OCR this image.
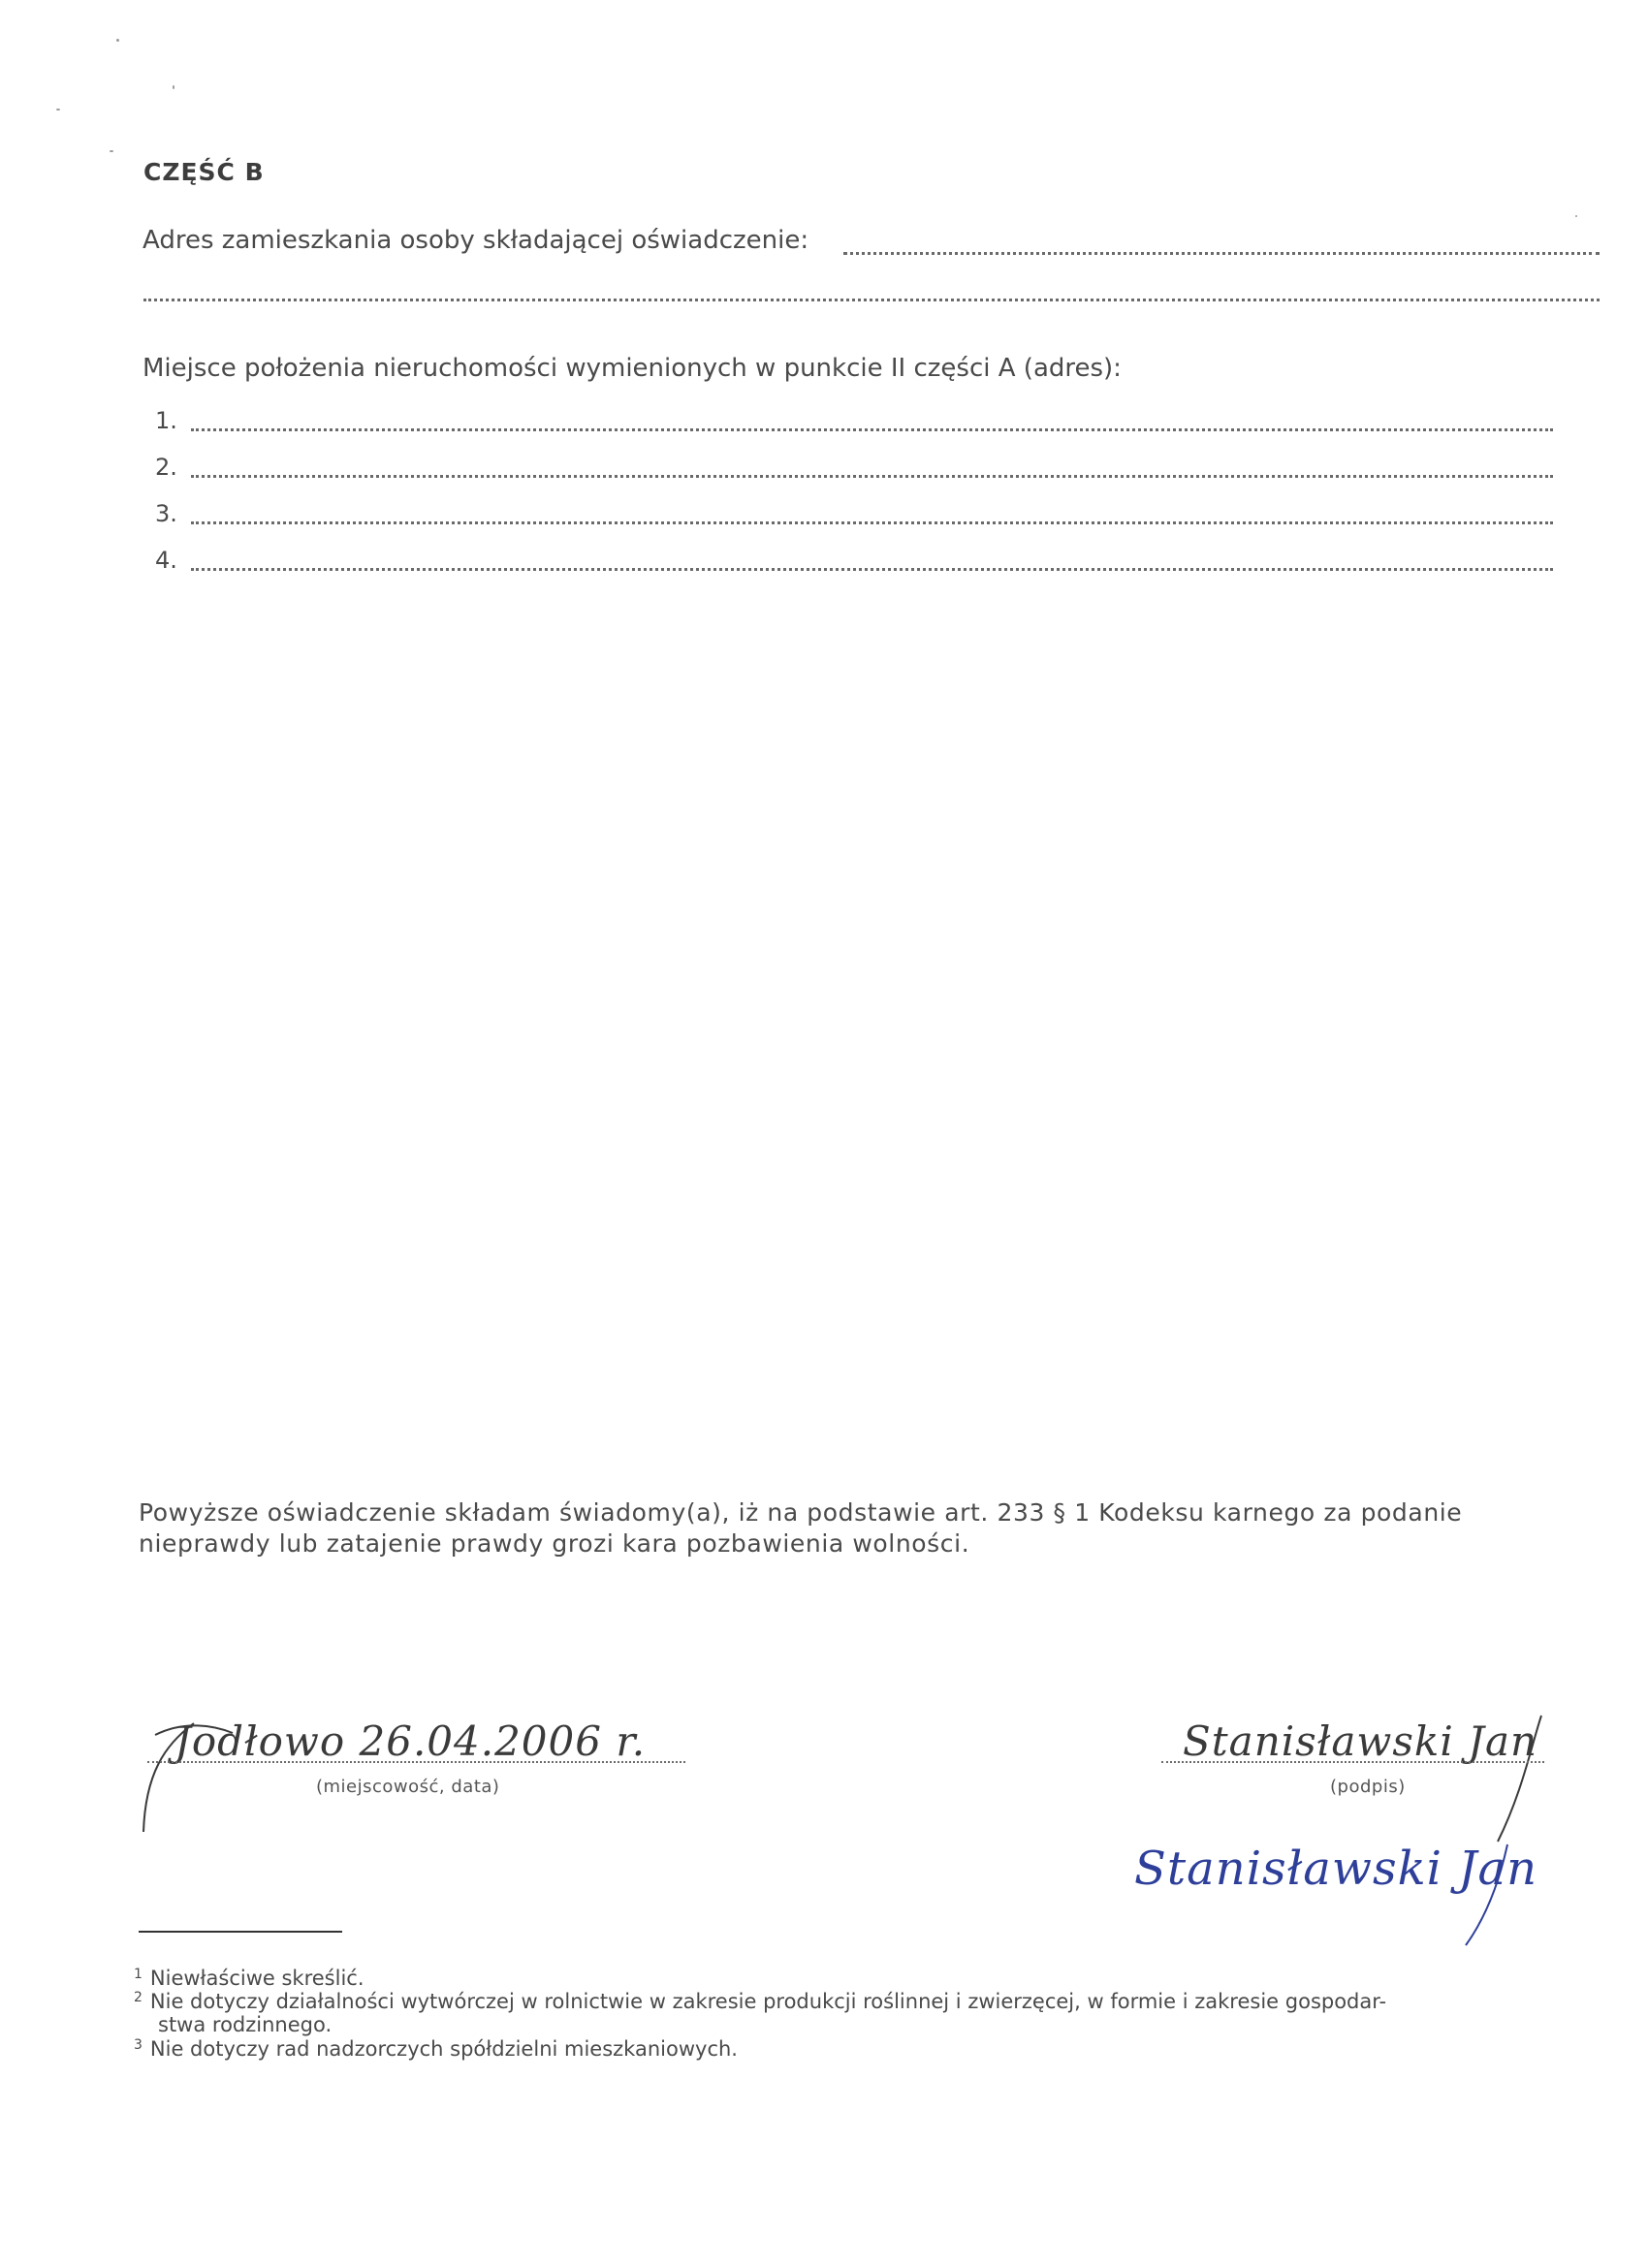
CZĘŚĆ B
Adres zamieszkania osoby składającej oświadczenie:
Miejsce położenia nieruchomości wymienionych w punkcie II części A (adres):
1.
2.
3.
4.
Powyższe oświadczenie składam świadomy(a), iż na podstawie art. 233 § 1 Kodeksu karnego za podanie nieprawdy lub zatajenie prawdy grozi kara pozbawienia wolności.
Jodłowo 26.04.2006 r.
(miejscowość, data)
Stanisławski Jan
(podpis)
Stanisławski Jan
$^1$ Niewłaściwe skreślić.
$^2$ Nie dotyczy działalności wytwórczej w rolnictwie w zakresie produkcji roślinnej i zwierzęcej, w formie i zakresie gospodar-
stwa rodzinnego.
$^3$ Nie dotyczy rad nadzorczych spółdzielni mieszkaniowych.
